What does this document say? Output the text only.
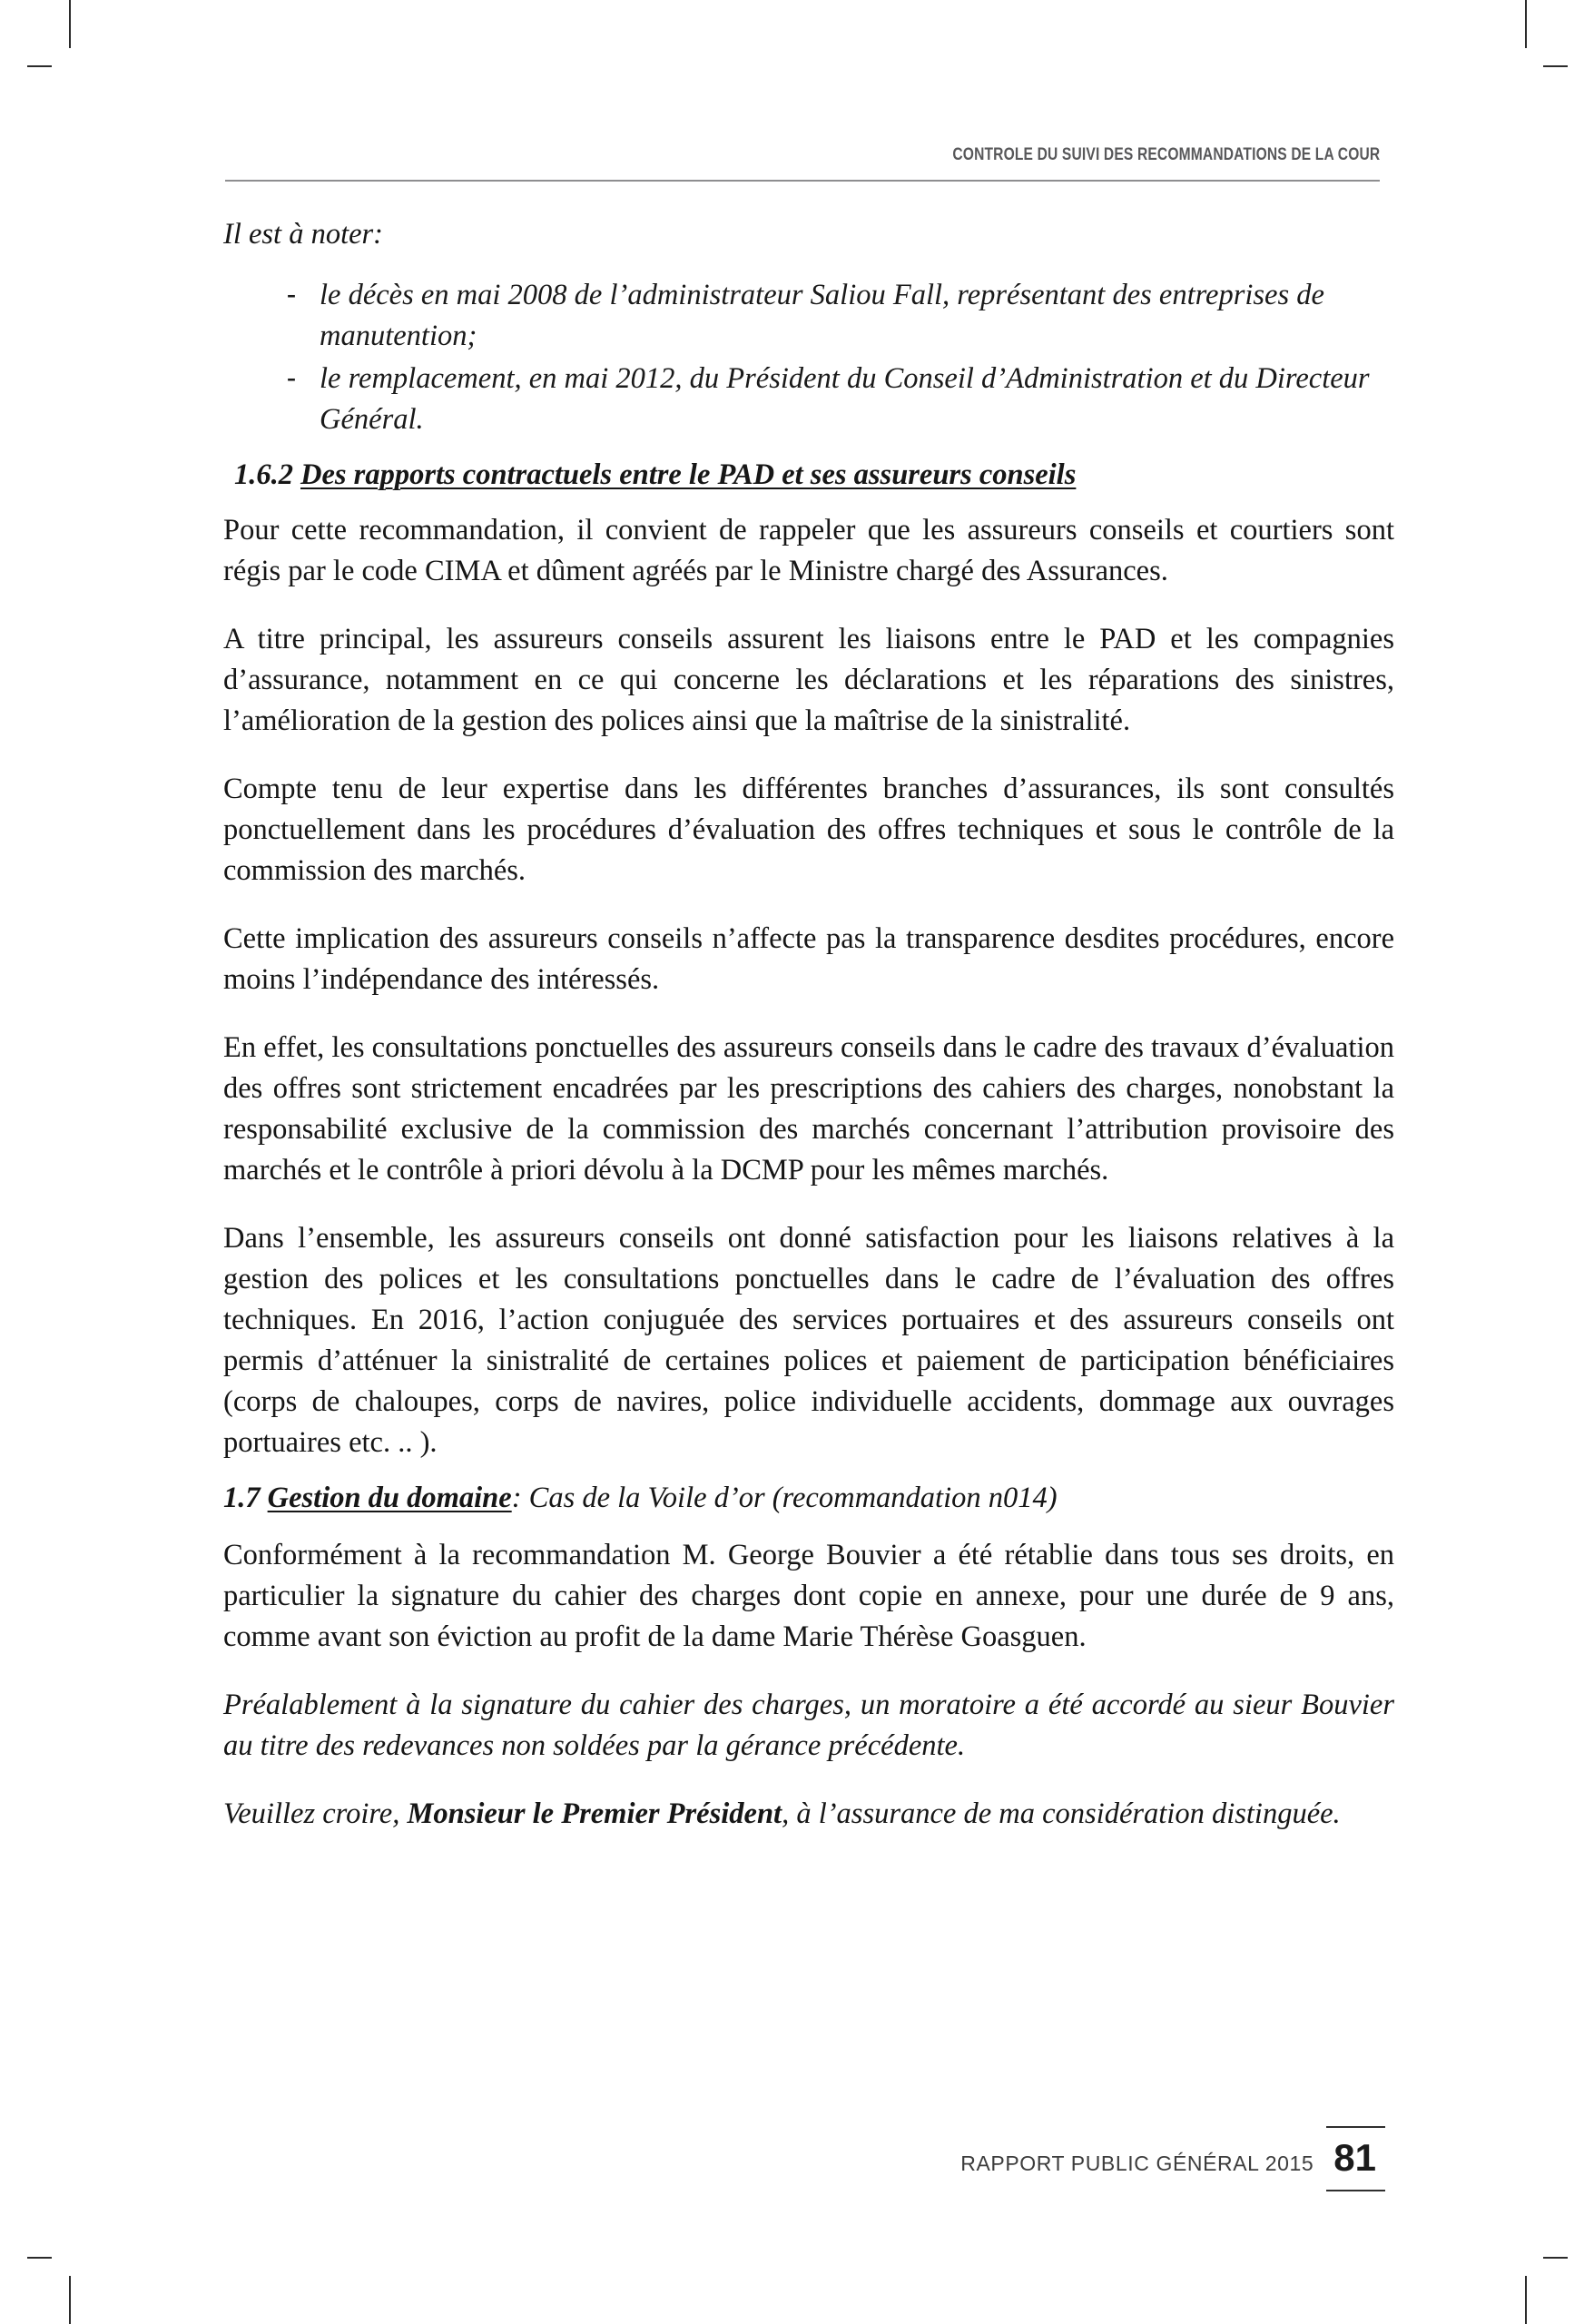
CONTROLE DU SUIVI DES RECOMMANDATIONS DE LA COUR

Il est à noter:

- le décès en mai 2008 de l’administrateur Saliou Fall, représentant des entreprises de manutention;
- le remplacement, en mai 2012, du Président du Conseil d’Administration et du Directeur Général.

1.6.2 Des rapports contractuels entre le PAD et ses assureurs conseils

Pour cette recommandation, il convient de rappeler que les assureurs conseils et courtiers sont régis par le code CIMA et dûment agréés par le Ministre chargé des Assurances.

A titre principal, les assureurs conseils assurent les liaisons entre le PAD et les compagnies d’assurance, notamment en ce qui concerne les déclarations et les réparations des sinistres, l’amélioration de la gestion des polices ainsi que la maîtrise de la sinistralité.

Compte tenu de leur expertise dans les différentes branches d’assurances, ils sont consultés ponctuellement dans les procédures d’évaluation des offres techniques et sous le contrôle de la commission des marchés.

Cette implication des assureurs conseils n’affecte pas la transparence desdites procédures, encore moins l’indépendance des intéressés.

En effet, les consultations ponctuelles des assureurs conseils dans le cadre des travaux d’évaluation des offres sont strictement encadrées par les prescriptions des cahiers des charges, nonobstant la responsabilité exclusive de la commission des marchés concernant l’attribution provisoire des marchés et le contrôle à priori dévolu à la DCMP pour les mêmes marchés.

Dans l’ensemble, les assureurs conseils ont donné satisfaction pour les liaisons relatives à la gestion des polices et les consultations ponctuelles dans le cadre de l’évaluation des offres techniques. En 2016, l’action conjuguée des services portuaires et des assureurs conseils ont permis d’atténuer la sinistralité de certaines polices et paiement de participation bénéficiaires (corps de chaloupes, corps de navires, police individuelle accidents, dommage aux ouvrages portuaires etc. .. ).

1.7 Gestion du domaine: Cas de la Voile d’or (recommandation n014)

Conformément à la recommandation M. George Bouvier a été rétablie dans tous ses droits, en particulier la signature du cahier des charges dont copie en annexe, pour une durée de 9 ans, comme avant son éviction au profit de la dame Marie Thérèse Goasguen.

Préalablement à la signature du cahier des charges, un moratoire a été accordé au sieur Bouvier au titre des redevances non soldées par la gérance précédente.

Veuillez croire, Monsieur le Premier Président, à l’assurance de ma considération distinguée.

RAPPORT PUBLIC GÉNÉRAL 2015 81
